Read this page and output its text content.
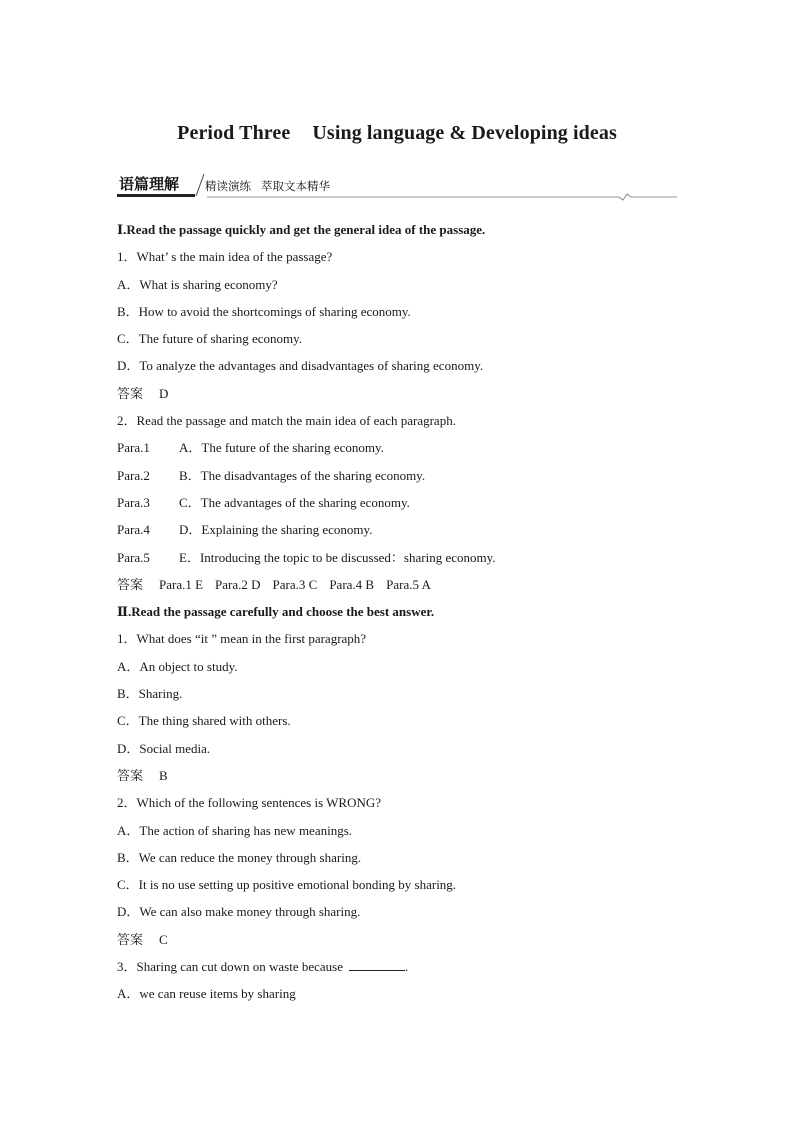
Period Three Using language & Developing ideas
语篇理解 精读演练 萃取文本精华
Ⅰ.Read the passage quickly and get the general idea of the passage.
1．What’ s the main idea of the passage?
A．What is sharing economy?
B．How to avoid the shortcomings of sharing economy.
C．The future of sharing economy.
D．To analyze the advantages and disadvantages of sharing economy.
答案 D
2．Read the passage and match the main idea of each paragraph.
Para.1 A．The future of the sharing economy.
Para.2 B．The disadvantages of the sharing economy.
Para.3 C．The advantages of the sharing economy.
Para.4 D．Explaining the sharing economy.
Para.5 E．Introducing the topic to be discussed：sharing economy.
答案 Para.1 E Para.2 D Para.3 C Para.4 B Para.5 A
Ⅱ.Read the passage carefully and choose the best answer.
1．What does “it ” mean in the first paragraph?
A．An object to study.
B．Sharing.
C．The thing shared with others.
D．Social media.
答案 B
2．Which of the following sentences is WRONG?
A．The action of sharing has new meanings.
B．We can reduce the money through sharing.
C．It is no use setting up positive emotional bonding by sharing.
D．We can also make money through sharing.
答案 C
3．Sharing can cut down on waste because	.
A．we can reuse items by sharing
